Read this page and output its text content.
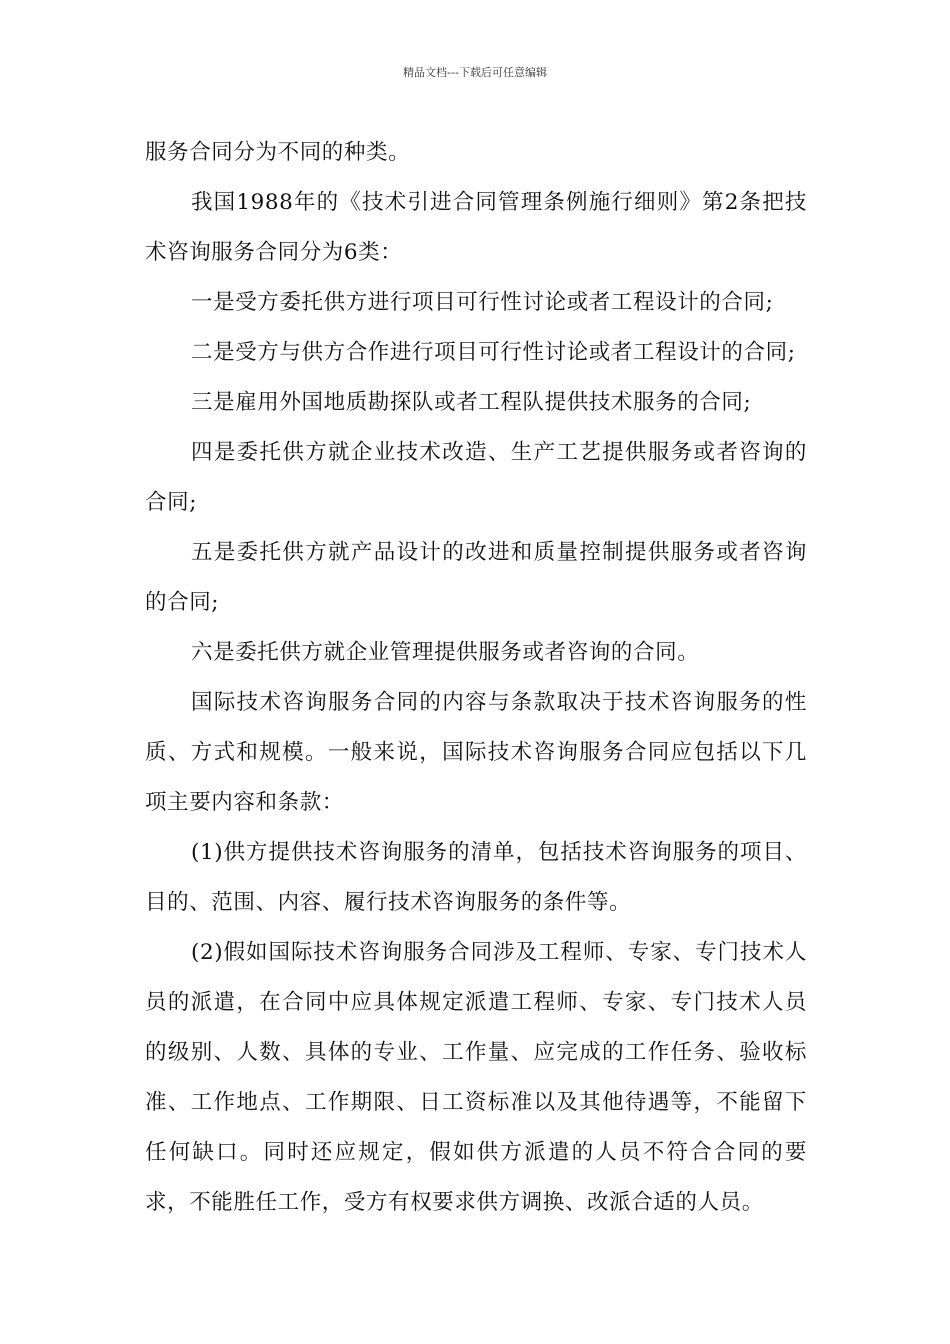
精品文档---下载后可任意编辑

服务合同分为不同的种类。

我国1988年的《技术引进合同管理条例施行细则》第2条把技术咨询服务合同分为6类：

一是受方委托供方进行项目可行性讨论或者工程设计的合同;

二是受方与供方合作进行项目可行性讨论或者工程设计的合同;

三是雇用外国地质勘探队或者工程队提供技术服务的合同;

四是委托供方就企业技术改造、生产工艺提供服务或者咨询的合同;

五是委托供方就产品设计的改进和质量控制提供服务或者咨询的合同;

六是委托供方就企业管理提供服务或者咨询的合同。

国际技术咨询服务合同的内容与条款取决于技术咨询服务的性质、方式和规模。一般来说，国际技术咨询服务合同应包括以下几项主要内容和条款：

(1)供方提供技术咨询服务的清单，包括技术咨询服务的项目、目的、范围、内容、履行技术咨询服务的条件等。

(2)假如国际技术咨询服务合同涉及工程师、专家、专门技术人员的派遣，在合同中应具体规定派遣工程师、专家、专门技术人员的级别、人数、具体的专业、工作量、应完成的工作任务、验收标准、工作地点、工作期限、日工资标准以及其他待遇等，不能留下任何缺口。同时还应规定，假如供方派遣的人员不符合合同的要求，不能胜任工作，受方有权要求供方调换、改派合适的人员。
